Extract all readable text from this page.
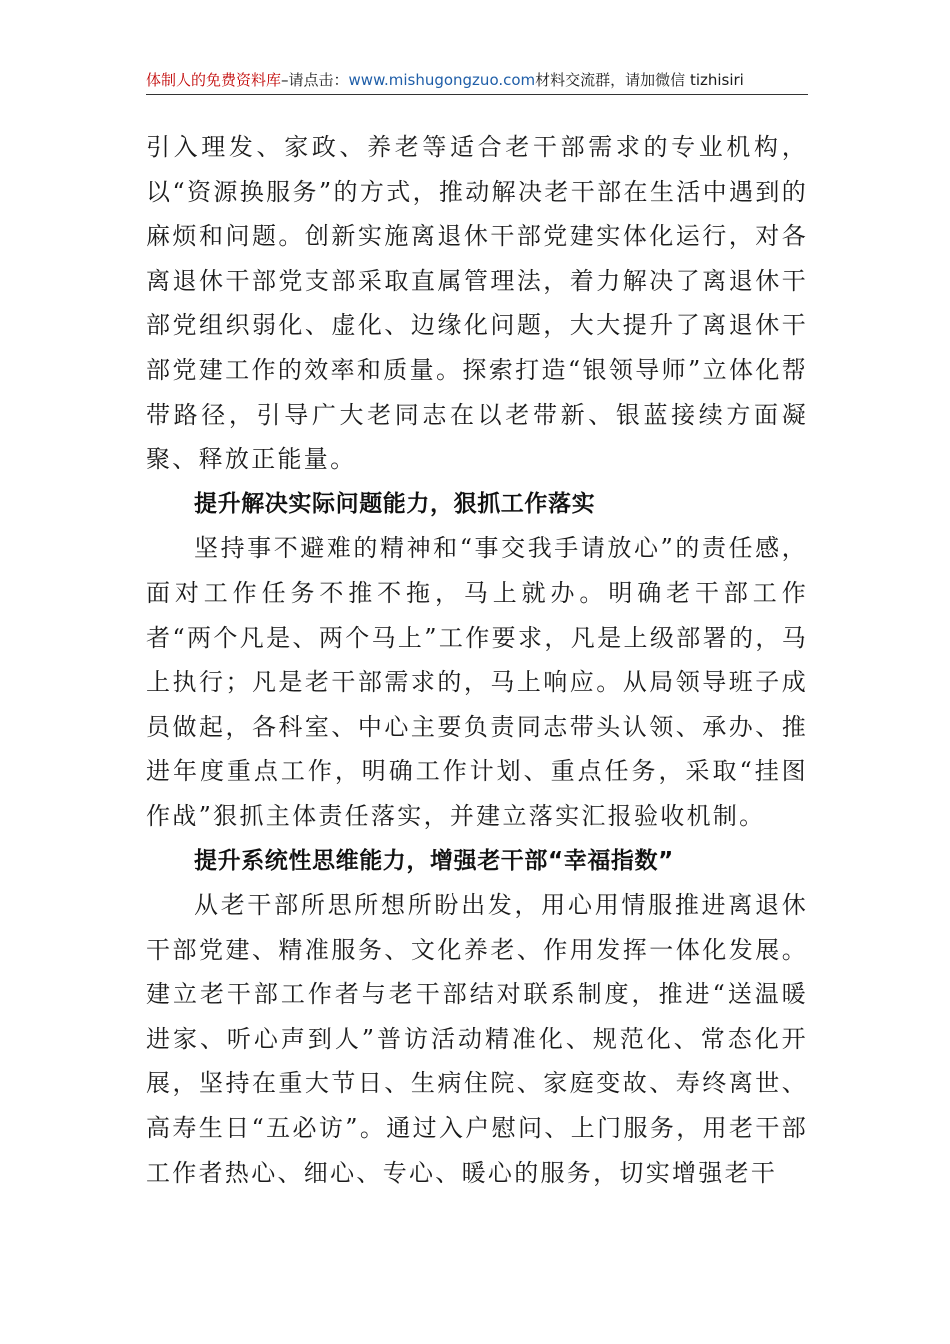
体制人的免费资料库 –请点击： www.mishugongzuo.com 材料交流群，请加微信 tizhisiri

引入理发、家政、养老等适合老干部需求的专业机构，以“资源换服务”的方式，推动解决老干部在生活中遇到的麻烦和问题。创新实施离退休干部党建实体化运行，对各离退休干部党支部采取直属管理法，着力解决了离退休干部党组织弱化、虚化、边缘化问题，大大提升了离退休干部党建工作的效率和质量。探索打造“银领导师”立体化帮带路径，引导广大老同志在以老带新、银蓝接续方面凝聚、释放正能量。

提升解决实际问题能力，狠抓工作落实

坚持事不避难的精神和“事交我手请放心”的责任感，面对工作任务不推不拖，马上就办。明确老干部工作者“两个凡是、两个马上”工作要求，凡是上级部署的，马上执行；凡是老干部需求的，马上响应。从局领导班子成员做起，各科室、中心主要负责同志带头认领、承办、推进年度重点工作，明确工作计划、重点任务，采取“挂图作战”狠抓主体责任落实，并建立落实汇报验收机制。

提升系统性思维能力，增强老干部“幸福指数”

从老干部所思所想所盼出发，用心用情服推进离退休干部党建、精准服务、文化养老、作用发挥一体化发展。建立老干部工作者与老干部结对联系制度，推进“送温暖进家、听心声到人”普访活动精准化、规范化、常态化开展，坚持在重大节日、生病住院、家庭变故、寿终离世、高寿生日“五必访”。通过入户慰问、上门服务，用老干部工作者热心、细心、专心、暖心的服务，切实增强老干
